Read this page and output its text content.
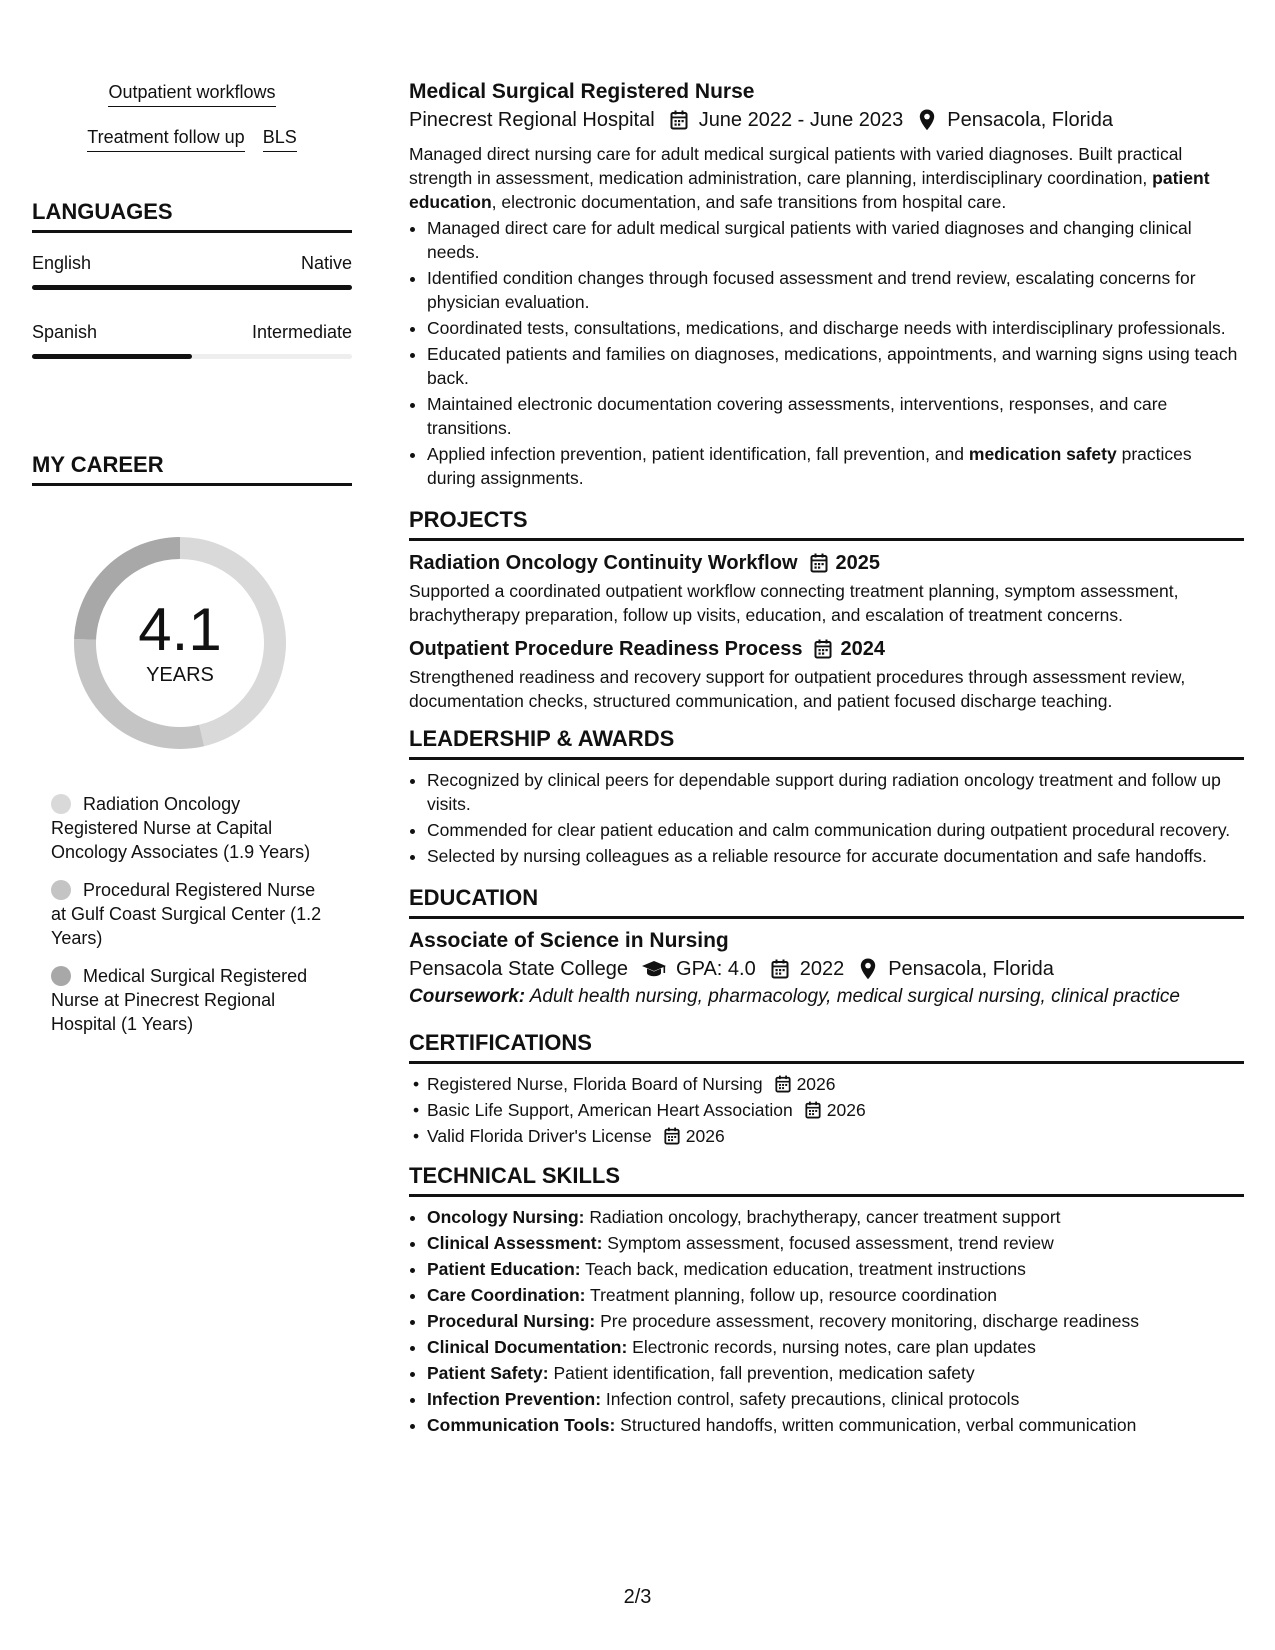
Outpatient workflows
Treatment follow up BLS
LANGUAGES
English	Native
Spanish	Intermediate
MY CAREER
4.1
YEARS
Radiation Oncology Registered Nurse at Capital Oncology Associates (1.9 Years)
Procedural Registered Nurse at Gulf Coast Surgical Center (1.2 Years)
Medical Surgical Registered Nurse at Pinecrest Regional Hospital (1 Years)
Medical Surgical Registered Nurse
Pinecrest Regional Hospital June 2022 - June 2023 Pensacola, Florida

Managed direct nursing care for adult medical surgical patients with varied diagnoses. Built practical strength in assessment, medication administration, care planning, interdisciplinary coordination, patient education, electronic documentation, and safe transitions from hospital care.

• Managed direct care for adult medical surgical patients with varied diagnoses and changing clinical needs.
• Identified condition changes through focused assessment and trend review, escalating concerns for physician evaluation.
• Coordinated tests, consultations, medications, and discharge needs with interdisciplinary professionals.
• Educated patients and families on diagnoses, medications, appointments, and warning signs using teach back.
• Maintained electronic documentation covering assessments, interventions, responses, and care transitions.
• Applied infection prevention, patient identification, fall prevention, and medication safety practices during assignments.
PROJECTS
Radiation Oncology Continuity Workflow 2025

Supported a coordinated outpatient workflow connecting treatment planning, symptom assessment, brachytherapy preparation, follow up visits, education, and escalation of treatment concerns.

Outpatient Procedure Readiness Process 2024

Strengthened readiness and recovery support for outpatient procedures through assessment review, documentation checks, structured communication, and patient focused discharge teaching.

LEADERSHIP & AWARDS
• Recognized by clinical peers for dependable support during radiation oncology treatment and follow up visits.
• Commended for clear patient education and calm communication during outpatient procedural recovery.
• Selected by nursing colleagues as a reliable resource for accurate documentation and safe handoffs.
EDUCATION
Associate of Science in Nursing
Pensacola State College GPA: 4.0 2022 Pensacola, Florida
Coursework: Adult health nursing, pharmacology, medical surgical nursing, clinical practice
CERTIFICATIONS
• Registered Nurse, Florida Board of Nursing 2026
• Basic Life Support, American Heart Association 2026
• Valid Florida Driver's License 2026
TECHNICAL SKILLS
• Oncology Nursing: Radiation oncology, brachytherapy, cancer treatment support
• Clinical Assessment: Symptom assessment, focused assessment, trend review
• Patient Education: Teach back, medication education, treatment instructions
• Care Coordination: Treatment planning, follow up, resource coordination
• Procedural Nursing: Pre procedure assessment, recovery monitoring, discharge readiness
• Clinical Documentation: Electronic records, nursing notes, care plan updates
• Patient Safety: Patient identification, fall prevention, medication safety
• Infection Prevention: Infection control, safety precautions, clinical protocols
• Communication Tools: Structured handoffs, written communication, verbal communication
2/3
